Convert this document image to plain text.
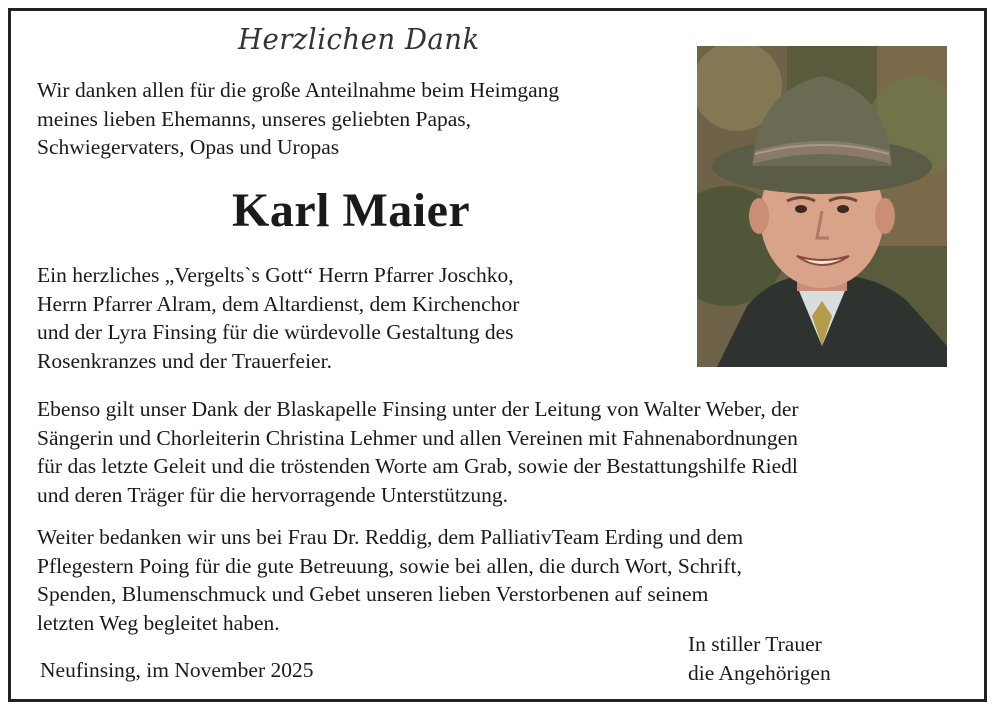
Herzlichen Dank

Wir danken allen für die große Anteilnahme beim Heimgang
meines lieben Ehemanns, unseres geliebten Papas,
Schwiegervaters, Opas und Uropas

Karl Maier

Ein herzliches „Vergelts`s Gott“ Herrn Pfarrer Joschko,
Herrn Pfarrer Alram, dem Altardienst, dem Kirchenchor
und der Lyra Finsing für die würdevolle Gestaltung des
Rosenkranzes und der Trauerfeier.

Ebenso gilt unser Dank der Blaskapelle Finsing unter der Leitung von Walter Weber, der
Sängerin und Chorleiterin Christina Lehmer und allen Vereinen mit Fahnenabordnungen
für das letzte Geleit und die tröstenden Worte am Grab, sowie der Bestattungshilfe Riedl
und deren Träger für die hervorragende Unterstützung.

Weiter bedanken wir uns bei Frau Dr. Reddig, dem PalliativTeam Erding und dem
Pflegestern Poing für die gute Betreuung, sowie bei allen, die durch Wort, Schrift,
Spenden, Blumenschmuck und Gebet unseren lieben Verstorbenen auf seinem
letzten Weg begleitet haben.

In stiller Trauer
die Angehörigen
Neufinsing, im November 2025
